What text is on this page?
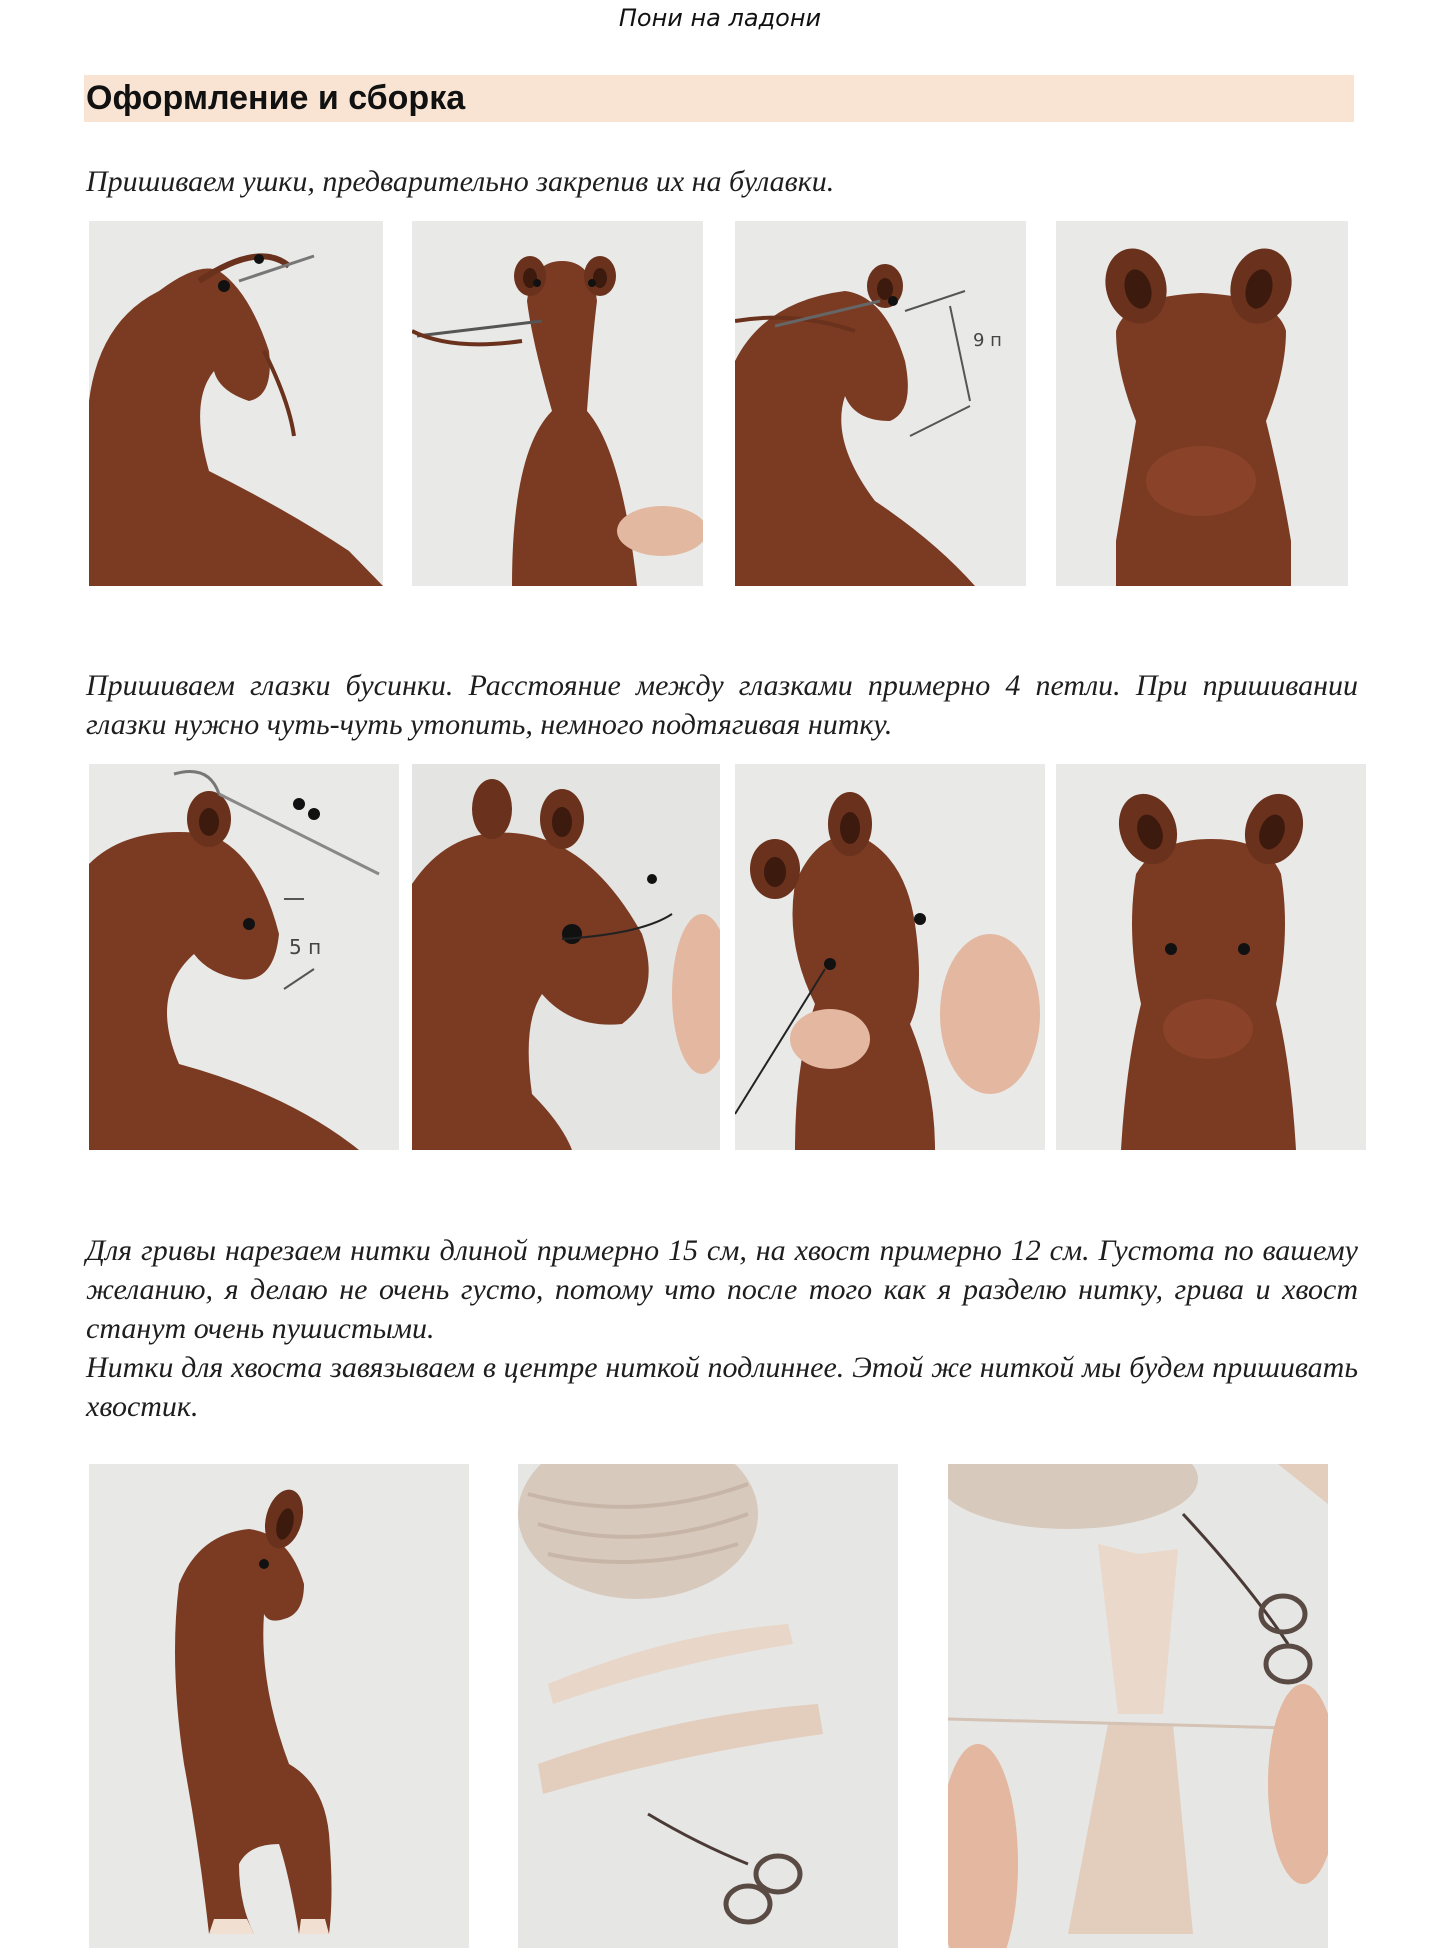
Пони на ладони
Оформление и сборка

Пришиваем ушки, предварительно закрепив их на булавки.

9 п

Пришиваем глазки бусинки. Расстояние между глазками примерно 4 петли. При пришивании глазки нужно чуть-чуть утопить, немного подтягивая нитку.

5 п

Для гривы нарезаем нитки длиной примерно 15 см, на хвост примерно 12 см. Густота по вашему желанию, я делаю не очень густо, потому что после того как я разделю нитку, грива и хвост станут очень пушистыми.

Нитки для хвоста завязываем в центре ниткой подлиннее. Этой же ниткой мы будем пришивать хвостик.
